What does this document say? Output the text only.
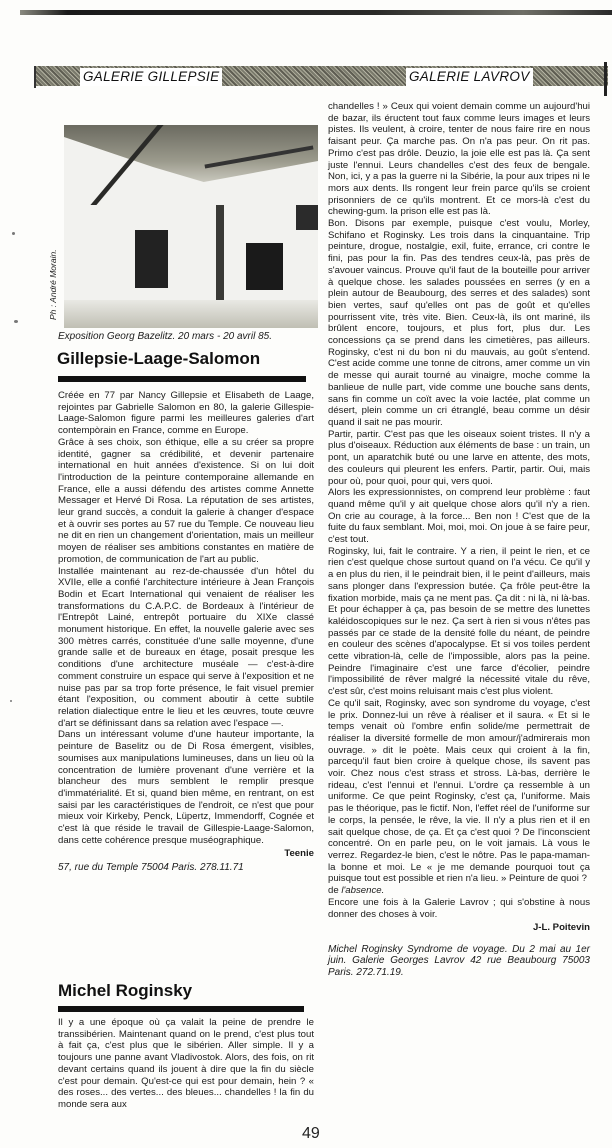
GALERIE GILLEPSIE	GALERIE LAVROV
Ph : André Morain.
Exposition Georg Bazelitz. 20 mars - 20 avril 85.
Gillepsie-Laage-Salomon

Créée en 77 par Nancy Gillepsie et Elisabeth de Laage, rejointes par Gabrielle Salomon en 80, la galerie Gillespie-Laage-Salomon figure parmi les meilleures galeries d'art contempòrain en France, comme en Europe.

Grâce à ses choix, son éthique, elle a su créer sa propre identité, gagner sa crédibilité, et devenir partenaire international en huit années d'existence. Si on lui doit l'introduction de la peinture contemporaine allemande en France, elle a aussi défendu des artistes comme Annette Messager et Hervé Di Rosa. La réputation de ses artistes, leur grand succès, a conduit la galerie à changer d'espace et à ouvrir ses portes au 57 rue du Temple. Ce nouveau lieu ne dit en rien un changement d'orientation, mais un meilleur moyen de réaliser ses ambitions constantes en matière de promotion, de communication de l'art au public.

Installée maintenant au rez-de-chaussée d'un hôtel du XVIIe, elle a confié l'architecture intérieure à Jean François Bodin et Ecart International qui venaient de réaliser les transformations du C.A.P.C. de Bordeaux à l'intérieur de l'Entrepôt Lainé, entrepôt portuaire du XIXe classé monument historique. En effet, la nouvelle galerie avec ses 300 mètres carrés, constituée d'une salle moyenne, d'une grande salle et de bureaux en étage, posait presque les conditions d'une architecture muséale — c'est-à-dire comment construire un espace qui serve à l'exposition et ne nuise pas par sa trop forte présence, le fait visuel premier étant l'exposition, ou comment aboutir à cette subtile relation dialectique entre le lieu et les œuvres, toute œuvre d'art se définissant dans sa relation avec l'espace —.

Dans un intéressant volume d'une hauteur importante, la peinture de Baselitz ou de Di Rosa émergent, visibles, soumises aux manipulations lumineuses, dans un lieu où la concentration de lumière provenant d'une verrière et la blancheur des murs semblent le remplir presque d'immatérialité. Et si, quand bien même, en rentrant, on est saisi par les caractéristiques de l'endroit, ce n'est que pour mieux voir Kirkeby, Penck, Lüpertz, Immendorff, Cognée et c'est là que réside le travail de Gillespie-Laage-Salomon, dans cette cohérence presque muséographique.

Teenie
57, rue du Temple 75004 Paris. 278.11.71
Michel Roginsky

Il y a une époque où ça valait la peine de prendre le transsibérien. Maintenant quand on le prend, c'est plus tout à fait ça, c'est plus que le sibérien. Aller simple. Il y a toujours une panne avant Vladivostok. Alors, des fois, on rit devant certains quand ils jouent à dire que la fin du siècle c'est pour demain. Qu'est-ce qui est pour demain, hein ? « des roses... des vertes... des bleues... chandelles ! la fin du monde sera aux

chandelles ! » Ceux qui voient demain comme un aujourd'hui de bazar, ils éructent tout faux comme leurs images et leurs pistes. Ils veulent, à croire, tenter de nous faire rire en nous faisant peur. Ça marche pas. On n'a pas peur. On rit pas. Primo c'est pas drôle. Deuzio, la joie elle est pas là. Ça sent juste l'ennui. Leurs chandelles c'est des feux de bengale. Non, ici, y a pas la guerre ni la Sibérie, la pour aux tripes ni le mors aux dents. Ils rongent leur frein parce qu'ils se croient prisonniers de ce qu'ils montrent. Et ce mors-là c'est du chewing-gum. la prison elle est pas là.

Bon. Disons par exemple, puisque c'est voulu, Morley, Schifano et Roginsky. Les trois dans la cinquantaine. Trip peinture, drogue, nostalgie, exil, fuite, errance, cri contre le fini, pas pour la fin. Pas des tendres ceux-là, pas près de s'avouer vaincus. Prouve qu'il faut de la bouteille pour arriver à quelque chose. les salades poussées en serres (y en a plein autour de Beaubourg, des serres et des salades) sont bien vertes, sauf qu'elles ont pas de goût et qu'elles pourrissent vite, très vite. Bien. Ceux-là, ils ont mariné, ils brûlent encore, toujours, et plus fort, plus dur. Les concessions ça se prend dans les cimetières, pas ailleurs. Roginsky, c'est ni du bon ni du mauvais, au goût s'entend. C'est acide comme une tonne de citrons, amer comme un vin de messe qui aurait tourné au vinaigre, moche comme la banlieue de nulle part, vide comme une bouche sans dents, sans fin comme un coït avec la voie lactée, plat comme un désert, plein comme un cri étranglé, beau comme un désir quand il sait ne pas mourir.

Partir, partir. C'est pas que les oiseaux soient tristes. Il n'y a plus d'oiseaux. Réduction aux éléments de base : un train, un pont, un aparatchik buté ou une larve en attente, des mots, des couleurs qui pleurent les enfers. Partir, partir. Oui, mais pour où, pour quoi, pour qui, vers quoi.

Alors les expressionnistes, on comprend leur problème : faut quand même qu'il y ait quelque chose alors qu'il n'y a rien. On crie au courage, à la force... Ben non ! C'est que de la fuite du faux semblant. Moi, moi, moi. On joue à se faire peur, c'est tout.

Roginsky, lui, fait le contraire. Y a rien, il peint le rien, et ce rien c'est quelque chose surtout quand on l'a vécu. Ce qu'il y a en plus du rien, il le peindrait bien, il le peint d'ailleurs, mais sans plonger dans l'expression butée. Ça frôle peut-être la fixation morbide, mais ça ne ment pas. Ça dit : ni là, ni là-bas. Et pour échapper à ça, pas besoin de se mettre des lunettes kaléidoscopiques sur le nez. Ça sert à rien si vous n'êtes pas passés par ce stade de la densité folle du néant, de peindre en couleur des scènes d'apocalypse. Et si vos toiles perdent cette vibration-là, celle de l'impossible, alors pas la peine. Peindre l'imaginaire c'est une farce d'écolier, peindre l'impossibilité de rêver malgré la nécessité vitale du rêve, c'est sûr, c'est moins reluisant mais c'est plus violent.

Ce qu'il sait, Roginsky, avec son syndrome du voyage, c'est le prix. Donnez-lui un rêve à réaliser et il saura. « Et si le temps venait où l'ombre enfin solide/me permettrait de réaliser la diversité formelle de mon amour/j'admirerais mon ouvrage. » dit le poète. Mais ceux qui croient à la fin, parcequ'il faut bien croire à quelque chose, ils savent pas voir. Chez nous c'est strass et stross. Là-bas, derrière le rideau, c'est l'ennui et l'ennui. L'ordre ça ressemble à un uniforme. Ce que peint Roginsky, c'est ça, l'uniforme. Mais pas le théorique, pas le fictif. Non, l'effet réel de l'uniforme sur le corps, la pensée, le rêve, la vie. Il n'y a plus rien et il en sait quelque chose, de ça. Et ça c'est quoi ? De l'inconscient concentré. On en parle peu, on le voit jamais. Là vous le verrez. Regardez-le bien, c'est le nôtre. Pas le papa-maman-la bonne et moi. Le « je me demande pourquoi tout ça puisque tout est possible et rien n'a lieu. » Peinture de quoi ?

de l'absence.

Encore une fois à la Galerie Lavrov ; qui s'obstine à nous donner des choses à voir.

J-L. Poitevin
Michel Roginsky Syndrome de voyage. Du 2 mai au 1er juin. Galerie Georges Lavrov 42 rue Beaubourg 75003 Paris. 272.71.19.
49
